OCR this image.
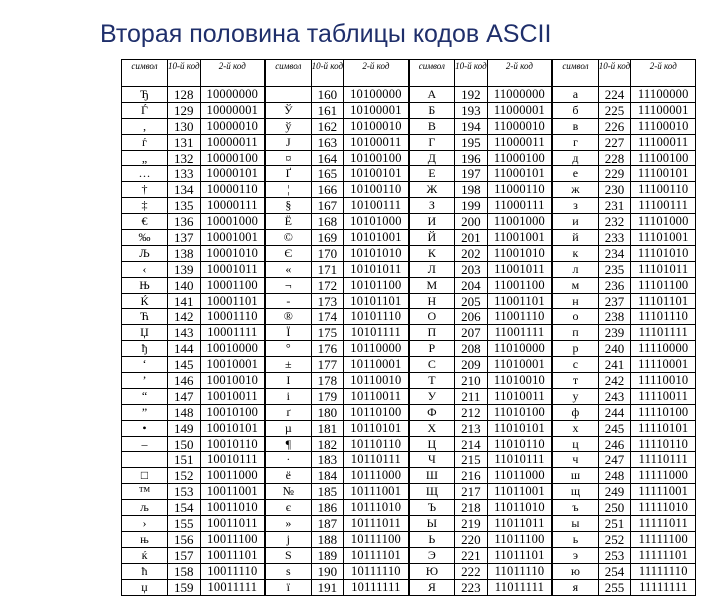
Вторая половина таблицы кодов ASCII
символ	10-й код	2-й код	символ	10-й код	2-й код	символ	10-й код	2-й код	символ	10-й код	2-й код
Ђ	128	10000000		160	10100000	А	192	11000000	а	224	11100000
Ѓ	129	10000001	Ў	161	10100001	Б	193	11000001	б	225	11100001
‚	130	10000010	ў	162	10100010	В	194	11000010	в	226	11100010
ѓ	131	10000011	Ј	163	10100011	Г	195	11000011	г	227	11100011
„	132	10000100	¤	164	10100100	Д	196	11000100	д	228	11100100
…	133	10000101	Ґ	165	10100101	Е	197	11000101	е	229	11100101
†	134	10000110	¦	166	10100110	Ж	198	11000110	ж	230	11100110
‡	135	10000111	§	167	10100111	З	199	11000111	з	231	11100111
€	136	10001000	Ё	168	10101000	И	200	11001000	и	232	11101000
‰	137	10001001	©	169	10101001	Й	201	11001001	й	233	11101001
Љ	138	10001010	Є	170	10101010	К	202	11001010	к	234	11101010
‹	139	10001011	«	171	10101011	Л	203	11001011	л	235	11101011
Њ	140	10001100	¬	172	10101100	М	204	11001100	м	236	11101100
Ќ	141	10001101	-	173	10101101	Н	205	11001101	н	237	11101101
Ћ	142	10001110	®	174	10101110	О	206	11001110	о	238	11101110
Џ	143	10001111	Ї	175	10101111	П	207	11001111	п	239	11101111
ђ	144	10010000	°	176	10110000	Р	208	11010000	р	240	11110000
‘	145	10010001	±	177	10110001	С	209	11010001	с	241	11110001
’	146	10010010	І	178	10110010	Т	210	11010010	т	242	11110010
“	147	10010011	і	179	10110011	У	211	11010011	у	243	11110011
”	148	10010100	ґ	180	10110100	Ф	212	11010100	ф	244	11110100
•	149	10010101	µ	181	10110101	Х	213	11010101	х	245	11110101
–	150	10010110	¶	182	10110110	Ц	214	11010110	ц	246	11110110
	151	10010111	·	183	10110111	Ч	215	11010111	ч	247	11110111
□	152	10011000	ё	184	10111000	Ш	216	11011000	ш	248	11111000
™	153	10011001	№	185	10111001	Щ	217	11011001	щ	249	11111001
љ	154	10011010	є	186	10111010	Ъ	218	11011010	ъ	250	11111010
›	155	10011011	»	187	10111011	Ы	219	11011011	ы	251	11111011
њ	156	10011100	ј	188	10111100	Ь	220	11011100	ь	252	11111100
ќ	157	10011101	Ѕ	189	10111101	Э	221	11011101	э	253	11111101
ћ	158	10011110	ѕ	190	10111110	Ю	222	11011110	ю	254	11111110
џ	159	10011111	ї	191	10111111	Я	223	11011111	я	255	11111111
